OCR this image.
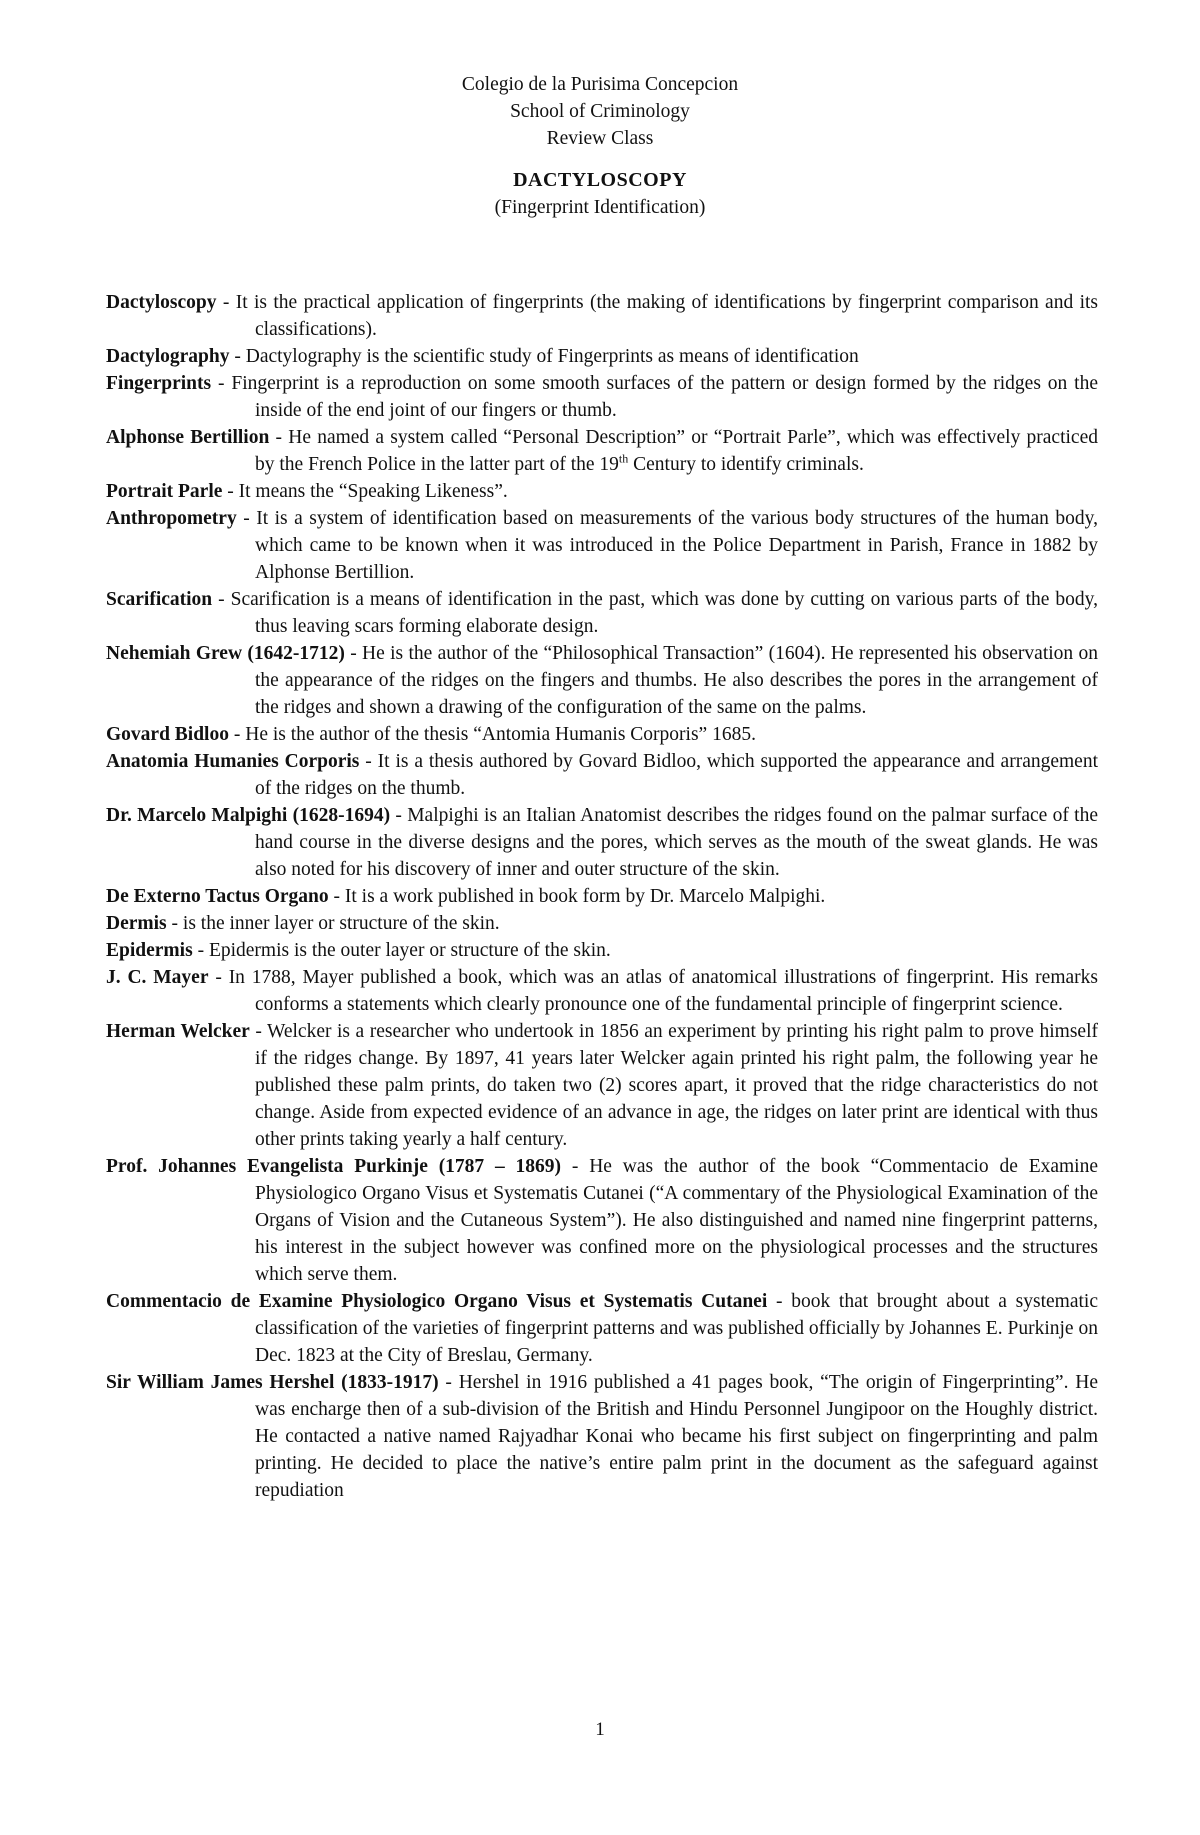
Colegio de la Purisima Concepcion
School of Criminology
Review Class
DACTYLOSCOPY
(Fingerprint Identification)

Dactyloscopy - It is the practical application of fingerprints (the making of identifications by fingerprint comparison and its classifications).

Dactylography - Dactylography is the scientific study of Fingerprints as means of identification

Fingerprints - Fingerprint is a reproduction on some smooth surfaces of the pattern or design formed by the ridges on the inside of the end joint of our fingers or thumb.

Alphonse Bertillion - He named a system called “Personal Description” or “Portrait Parle”, which was effectively practiced by the French Police in the latter part of the 19th Century to identify criminals.

Portrait Parle - It means the “Speaking Likeness”.

Anthropometry - It is a system of identification based on measurements of the various body structures of the human body, which came to be known when it was introduced in the Police Department in Parish, France in 1882 by Alphonse Bertillion.

Scarification - Scarification is a means of identification in the past, which was done by cutting on various parts of the body, thus leaving scars forming elaborate design.

Nehemiah Grew (1642-1712) - He is the author of the “Philosophical Transaction” (1604). He represented his observation on the appearance of the ridges on the fingers and thumbs. He also describes the pores in the arrangement of the ridges and shown a drawing of the configuration of the same on the palms.

Govard Bidloo - He is the author of the thesis “Antomia Humanis Corporis” 1685.

Anatomia Humanies Corporis - It is a thesis authored by Govard Bidloo, which supported the appearance and arrangement of the ridges on the thumb.

Dr. Marcelo Malpighi (1628-1694) - Malpighi is an Italian Anatomist describes the ridges found on the palmar surface of the hand course in the diverse designs and the pores, which serves as the mouth of the sweat glands. He was also noted for his discovery of inner and outer structure of the skin.

De Externo Tactus Organo - It is a work published in book form by Dr. Marcelo Malpighi.

Dermis - is the inner layer or structure of the skin.

Epidermis - Epidermis is the outer layer or structure of the skin.

J. C. Mayer - In 1788, Mayer published a book, which was an atlas of anatomical illustrations of fingerprint. His remarks conforms a statements which clearly pronounce one of the fundamental principle of fingerprint science.

Herman Welcker - Welcker is a researcher who undertook in 1856 an experiment by printing his right palm to prove himself if the ridges change. By 1897, 41 years later Welcker again printed his right palm, the following year he published these palm prints, do taken two (2) scores apart, it proved that the ridge characteristics do not change. Aside from expected evidence of an advance in age, the ridges on later print are identical with thus other prints taking yearly a half century.

Prof. Johannes Evangelista Purkinje (1787 – 1869) - He was the author of the book “Commentacio de Examine Physiologico Organo Visus et Systematis Cutanei (“A commentary of the Physiological Examination of the Organs of Vision and the Cutaneous System”). He also distinguished and named nine fingerprint patterns, his interest in the subject however was confined more on the physiological processes and the structures which serve them.

Commentacio de Examine Physiologico Organo Visus et Systematis Cutanei - book that brought about a systematic classification of the varieties of fingerprint patterns and was published officially by Johannes E. Purkinje on Dec. 1823 at the City of Breslau, Germany.

Sir William James Hershel (1833-1917) - Hershel in 1916 published a 41 pages book, “The origin of Fingerprinting”. He was encharge then of a sub-division of the British and Hindu Personnel Jungipoor on the Houghly district. He contacted a native named Rajyadhar Konai who became his first subject on fingerprinting and palm printing. He decided to place the native’s entire palm print in the document as the safeguard against repudiation

1
